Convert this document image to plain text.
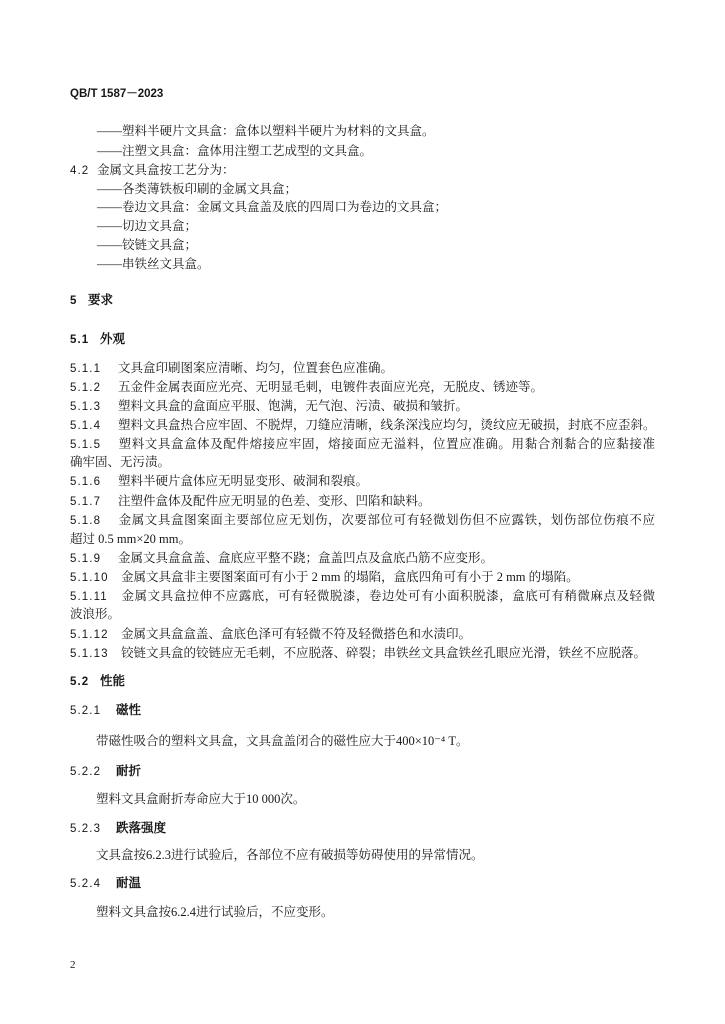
QB/T 1587－2023
——塑料半硬片文具盒：盒体以塑料半硬片为材料的文具盒。
——注塑文具盒：盒体用注塑工艺成型的文具盒。
4.2 金属文具盒按工艺分为：
——各类薄铁板印刷的金属文具盒；
——卷边文具盒：金属文具盒盖及底的四周口为卷边的文具盒；
——切边文具盒；
——铰链文具盒；
——串铁丝文具盒。
5 要求
5.1 外观
5.1.1 文具盒印刷图案应清晰、均匀，位置套色应准确。
5.1.2 五金件金属表面应光亮、无明显毛刺，电镀件表面应光亮，无脱皮、锈迹等。
5.1.3 塑料文具盒的盒面应平服、饱满，无气泡、污渍、破损和皱折。
5.1.4 塑料文具盒热合应牢固、不脱焊，刀缝应清晰，线条深浅应均匀，烫纹应无破损，封底不应歪斜。
5.1.5 塑料文具盒盒体及配件熔接应牢固，熔接面应无溢料，位置应准确。用黏合剂黏合的应黏接准
确牢固、无污渍。
5.1.6 塑料半硬片盒体应无明显变形、破洞和裂痕。
5.1.7 注塑件盒体及配件应无明显的色差、变形、凹陷和缺料。
5.1.8 金属文具盒图案面主要部位应无划伤，次要部位可有轻微划伤但不应露铁，划伤部位伤痕不应
超过 0.5 mm×20 mm。
5.1.9 金属文具盒盒盖、盒底应平整不跷；盒盖凹点及盒底凸筋不应变形。
5.1.10 金属文具盒非主要图案面可有小于 2 mm 的塌陷，盒底四角可有小于 2 mm 的塌陷。
5.1.11 金属文具盒拉伸不应露底，可有轻微脱漆，卷边处可有小面积脱漆，盒底可有稍微麻点及轻微
波浪形。
5.1.12 金属文具盒盒盖、盒底色泽可有轻微不符及轻微搭色和水渍印。
5.1.13 铰链文具盒的铰链应无毛刺，不应脱落、碎裂；串铁丝文具盒铁丝孔眼应光滑，铁丝不应脱落。
5.2 性能
5.2.1 磁性
带磁性吸合的塑料文具盒，文具盒盖闭合的磁性应大于400×10⁻⁴ T。
5.2.2 耐折
塑料文具盒耐折寿命应大于10 000次。
5.2.3 跌落强度
文具盒按6.2.3进行试验后，各部位不应有破损等妨碍使用的异常情况。
5.2.4 耐温
塑料文具盒按6.2.4进行试验后，不应变形。
2
